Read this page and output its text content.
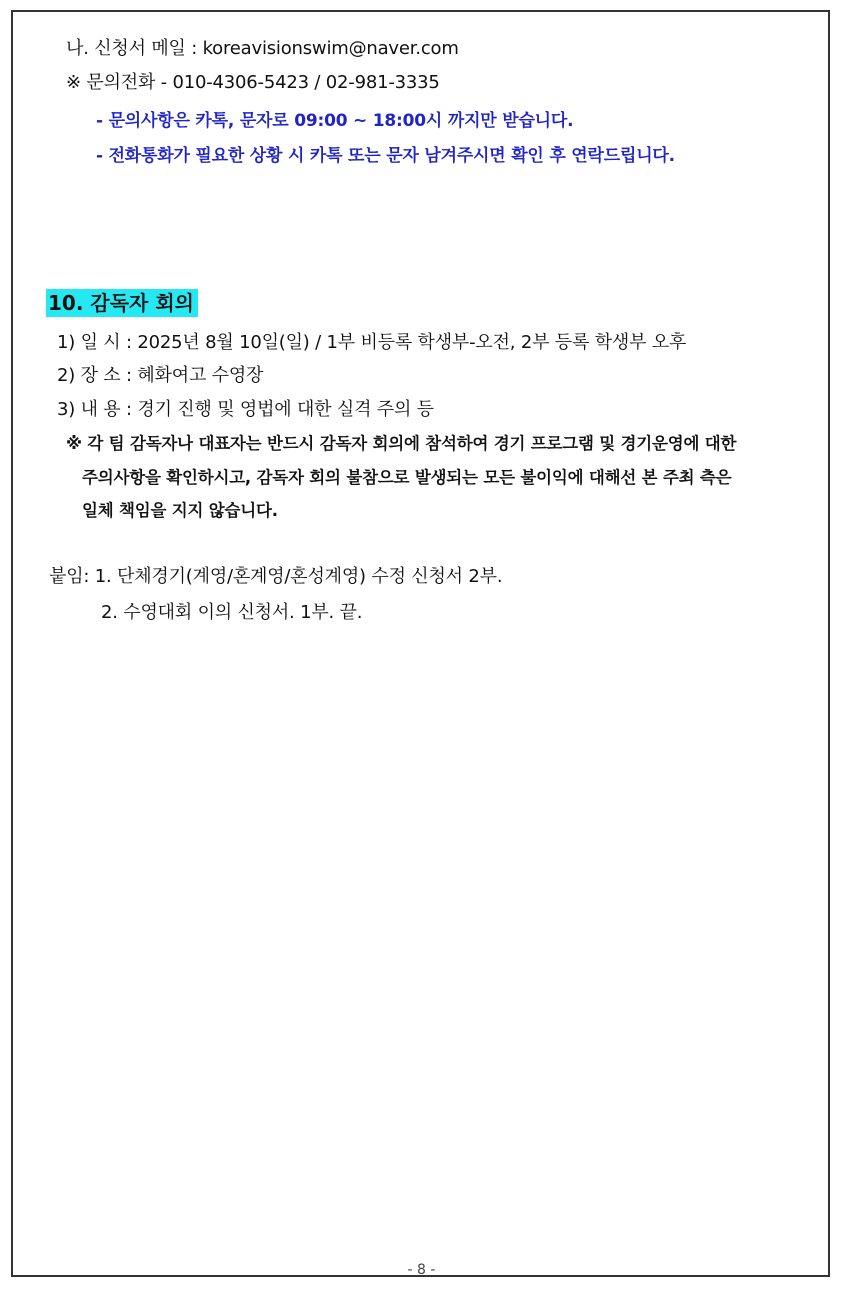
나. 신청서 메일 : koreavisionswim@naver.com
※ 문의전화 - 010-4306-5423 / 02-981-3335
- 문의사항은 카톡, 문자로 09:00 ~ 18:00시 까지만 받습니다.
- 전화통화가 필요한 상황 시 카톡 또는 문자 남겨주시면 확인 후 연락드립니다.
10. 감독자 회의
1) 일 시 : 2025년 8월 10일(일) / 1부 비등록 학생부-오전, 2부 등록 학생부 오후
2) 장 소 : 혜화여고 수영장
3) 내 용 : 경기 진행 및 영법에 대한 실격 주의 등
※ 각 팀 감독자나 대표자는 반드시 감독자 회의에 참석하여 경기 프로그램 및 경기운영에 대한
주의사항을 확인하시고, 감독자 회의 불참으로 발생되는 모든 불이익에 대해선 본 주최 측은
일체 책임을 지지 않습니다.
붙임: 1. 단체경기(계영/혼계영/혼성계영) 수정 신청서 2부.
2. 수영대회 이의 신청서. 1부. 끝.
- 8 -
